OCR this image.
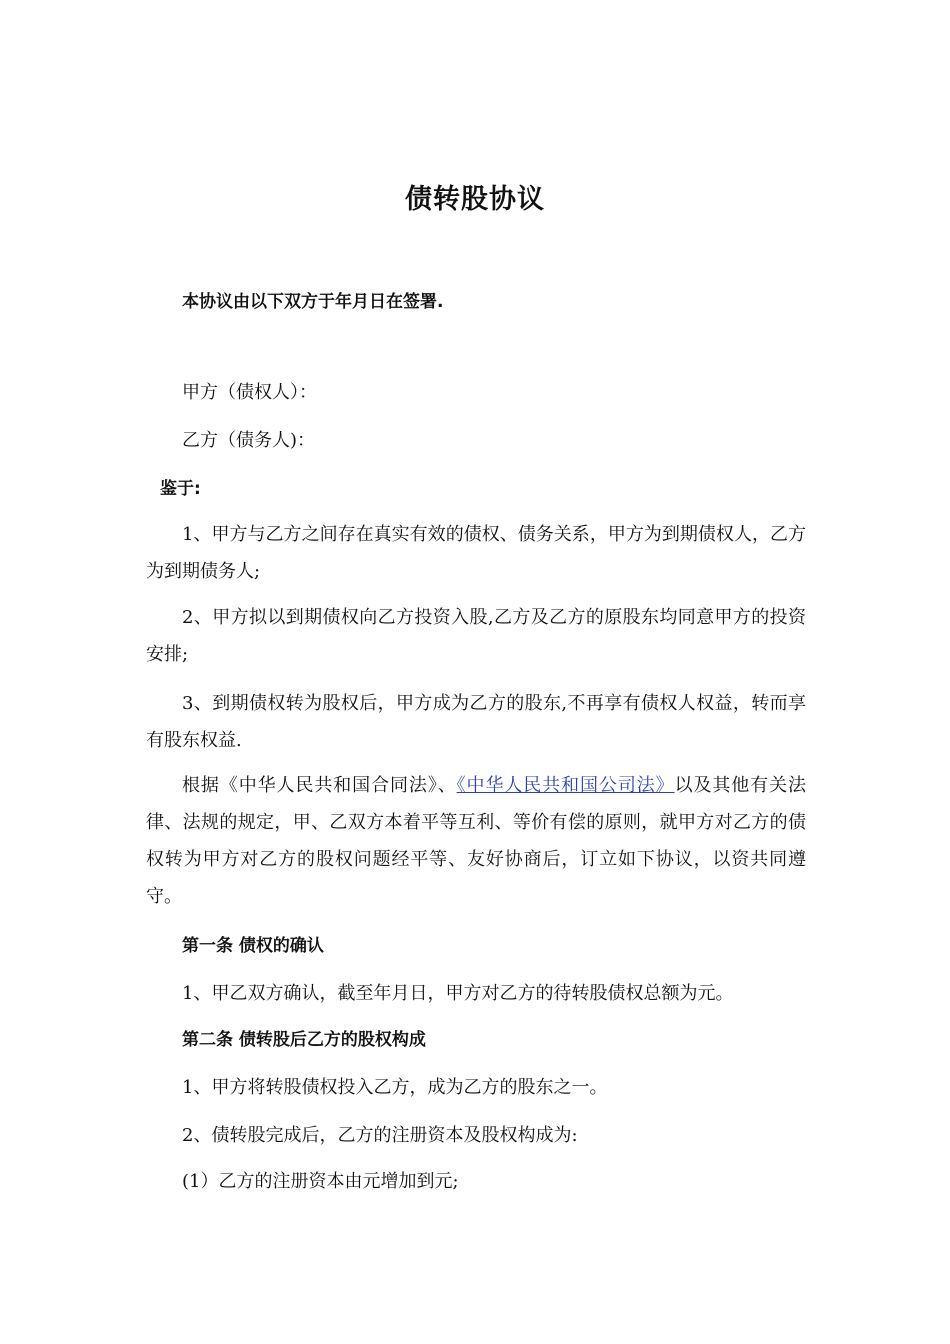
债转股协议
本协议由以下双方于年月日在签署.
甲方（债权人）：
乙方（债务人)：
鉴于:
1、甲方与乙方之间存在真实有效的债权、债务关系，甲方为到期债权人，乙方为到期债务人;
2、甲方拟以到期债权向乙方投资入股,乙方及乙方的原股东均同意甲方的投资安排;
3、到期债权转为股权后，甲方成为乙方的股东,不再享有债权人权益，转而享有股东权益.
根据《中华人民共和国合同法》、《中华人民共和国公司法》以及其他有关法律、法规的规定，甲、乙双方本着平等互利、等价有偿的原则，就甲方对乙方的债权转为甲方对乙方的股权问题经平等、友好协商后，订立如下协议，以资共同遵守。
第一条 债权的确认
1、甲乙双方确认，截至年月日，甲方对乙方的待转股债权总额为元。
第二条 债转股后乙方的股权构成
1、甲方将转股债权投入乙方，成为乙方的股东之一。
2、债转股完成后，乙方的注册资本及股权构成为:
(1）乙方的注册资本由元增加到元;
